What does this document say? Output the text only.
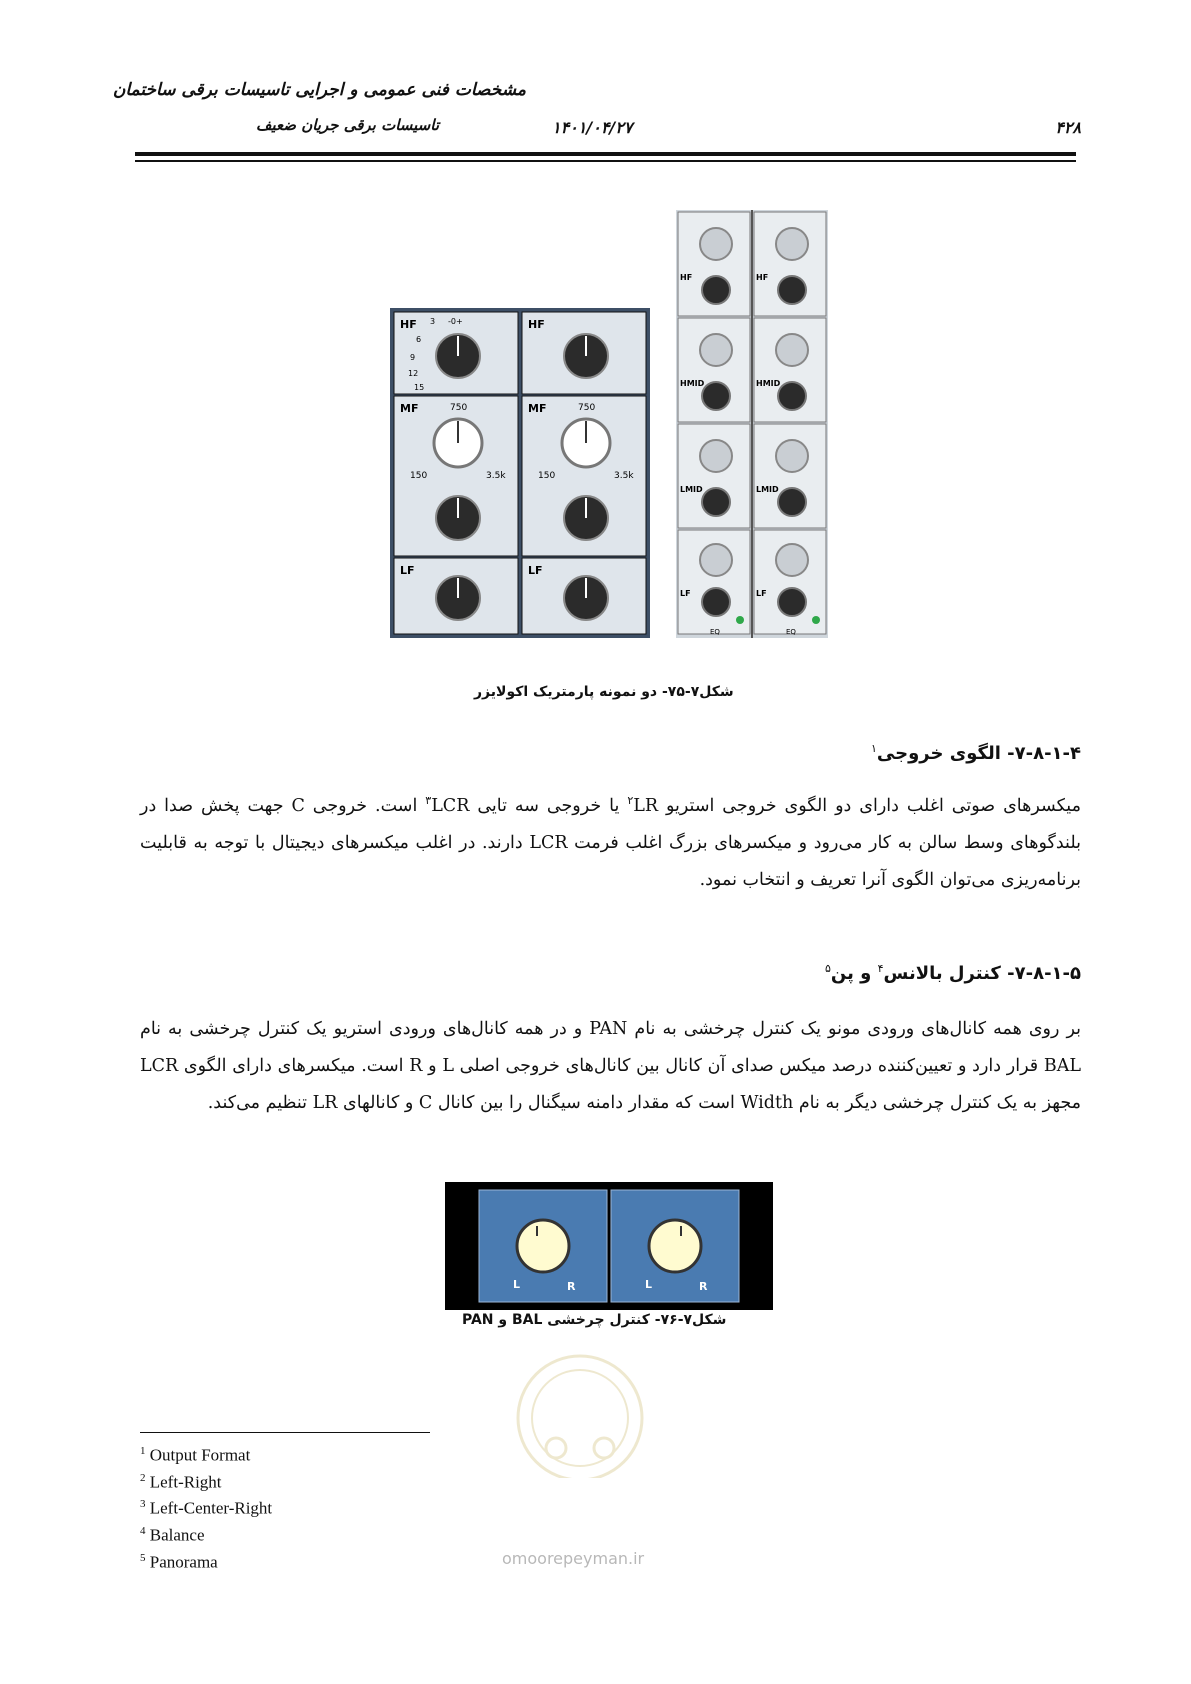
مشخصات فنی عمومی و اجرایی تاسیسات برقی ساختمان
تاسیسات برقی جریان ضعیف	۱۴۰۱/۰۴/۲۷	۴۲۸
HF
MF
LF
750
150	3.5k
3 -0+
6
9
12
15
HF
MF
LF
750
150	3.5k
HF
HMID
LMID
LF
EQ
HF
HMID
LMID
LF
EQ
شکل۷-۷۵- دو نمونه پارمتریک اکولایزر
۷-۸-۱-۴- الگوی خروجی$^۱$
میکسرهای صوتی اغلب دارای دو الگوی خروجی استریو $LR^۲$ یا خروجی سه تایی LCR$^۳$ است. خروجی C جهت پخش صدا در بلندگوهای وسط سالن به کار می‌رود و میکسرهای بزرگ اغلب فرمت LCR دارند. در اغلب میکسرهای دیجیتال با توجه به قابلیت برنامه‌ریزی می‌توان الگوی آنرا تعریف و انتخاب نمود.
۷-۸-۱-۵- کنترل بالانس$^۴$ و پن$^۵$
بر روی همه کانال‌های ورودی مونو یک کنترل چرخشی به نام PAN و در همه کانال‌های ورودی استریو یک کنترل چرخشی به نام BAL قرار دارد و تعیین‌کننده درصد میکس صدای آن کانال بین کانال‌های خروجی اصلی L و R است. میکسرهای دارای الگوی LCR مجهز به یک کنترل چرخشی دیگر به نام Width است که مقدار دامنه سیگنال را بین کانال C و کانالهای LR تنظیم می‌کند.
L	R	L	R
شکل۷-۷۶- کنترل چرخشی BAL و PAN
omoorepeyman.ir
$^1$ Output Format
$^2$ Left-Right
$^3$ Left-Center-Right
$^4$ Balance
$^5$ Panorama
